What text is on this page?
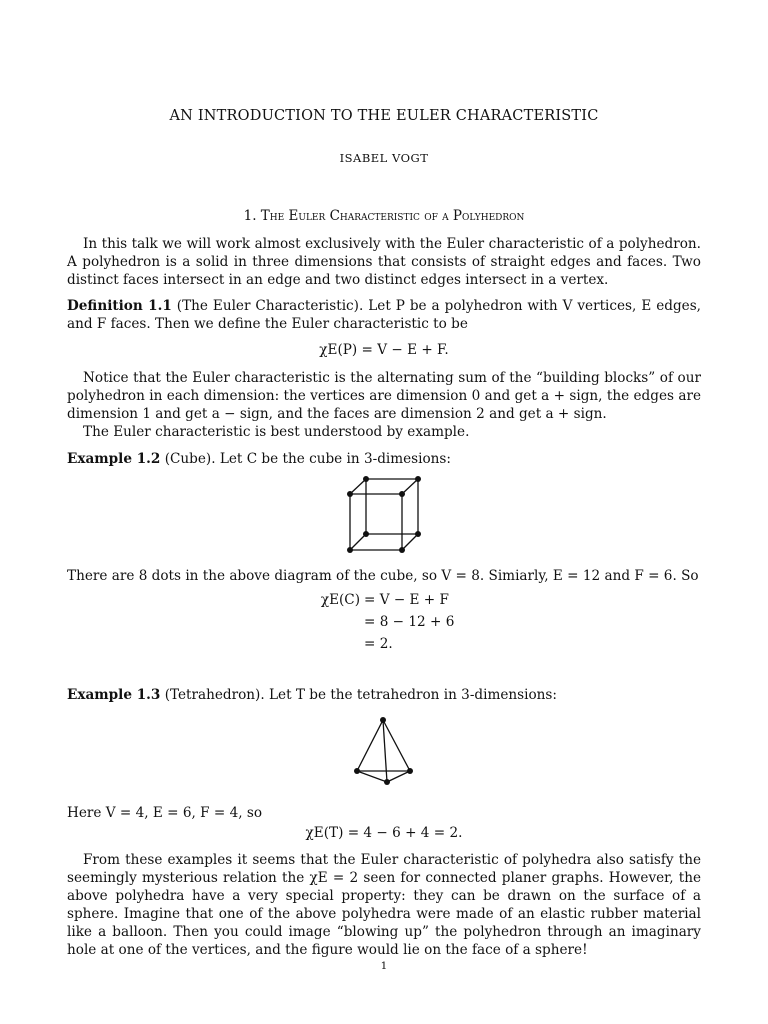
AN INTRODUCTION TO THE EULER CHARACTERISTIC
ISABEL VOGT
1. The Euler Characteristic of a Polyhedron
In this talk we will work almost exclusively with the Euler characteristic of a polyhedron. A polyhedron is a solid in three dimensions that consists of straight edges and faces. Two distinct faces intersect in an edge and two distinct edges intersect in a vertex.
Definition 1.1 (The Euler Characteristic). Let P be a polyhedron with V vertices, E edges, and F faces. Then we define the Euler characteristic to be
χE(P) = V − E + F.
Notice that the Euler characteristic is the alternating sum of the “building blocks” of our polyhedron in each dimension: the vertices are dimension 0 and get a + sign, the edges are dimension 1 and get a − sign, and the faces are dimension 2 and get a + sign.
The Euler characteristic is best understood by example.
Example 1.2 (Cube). Let C be the cube in 3-dimesions:
There are 8 dots in the above diagram of the cube, so V = 8. Simiarly, E = 12 and F = 6. So
χE(C) = V − E + F
= 8 − 12 + 6
= 2.
Example 1.3 (Tetrahedron). Let T be the tetrahedron in 3-dimensions:
Here V = 4, E = 6, F = 4, so
χE(T) = 4 − 6 + 4 = 2.
From these examples it seems that the Euler characteristic of polyhedra also satisfy the seemingly mysterious relation the χE = 2 seen for connected planer graphs. However, the above polyhedra have a very special property: they can be drawn on the surface of a sphere. Imagine that one of the above polyhedra were made of an elastic rubber material like a balloon. Then you could image “blowing up” the polyhedron through an imaginary hole at one of the vertices, and the figure would lie on the face of a sphere!
1
